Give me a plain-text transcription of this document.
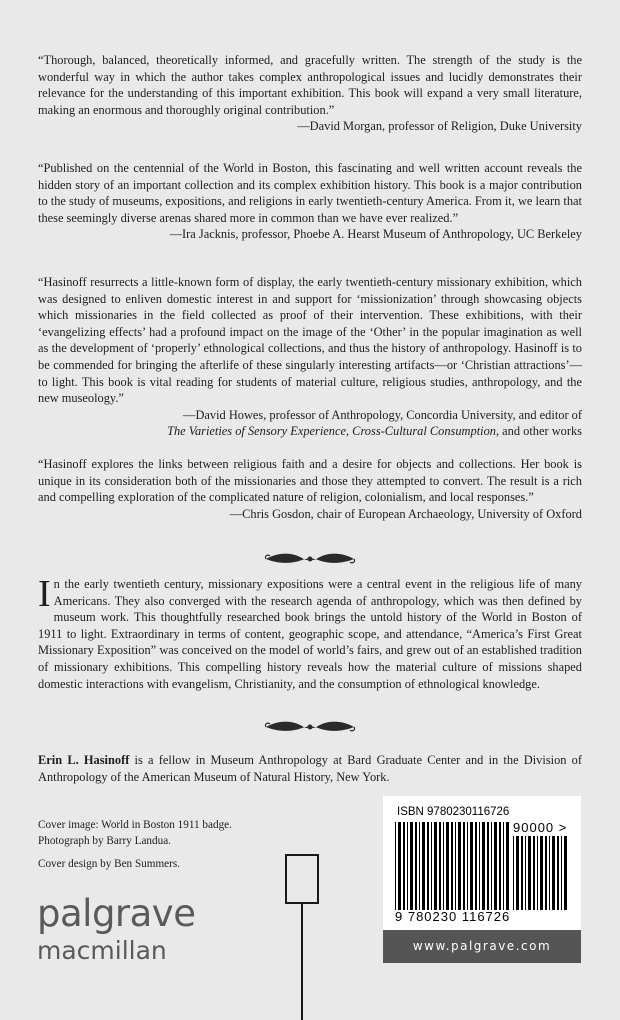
“Thorough, balanced, theoretically informed, and gracefully written. The strength of the study is the wonderful way in which the author takes complex anthropological issues and lucidly demonstrates their relevance for the understanding of this important exhibition. This book will expand a very small literature, making an enormous and thoroughly original contribution.”

—David Morgan, professor of Religion, Duke University

“Published on the centennial of the World in Boston, this fascinating and well written account reveals the hidden story of an important collection and its complex exhibition history. This book is a major contribution to the study of museums, expositions, and religions in early twentieth-century America. From it, we learn that these seemingly diverse arenas shared more in common than we have ever realized.”

—Ira Jacknis, professor, Phoebe A. Hearst Museum of Anthropology, UC Berkeley

“Hasinoff resurrects a little-known form of display, the early twentieth-century missionary exhibition, which was designed to enliven domestic interest in and support for ‘missionization’ through showcasing objects which missionaries in the field collected as proof of their intervention. These exhibitions, with their ‘evangelizing effects’ had a profound impact on the image of the ‘Other’ in the popular imagination as well as the development of ‘properly’ ethnological collections, and thus the history of anthropology. Hasinoff is to be commended for bringing the afterlife of these singularly interesting artifacts—or ‘Christian attractions’—to light. This book is vital reading for students of material culture, religious studies, anthropology, and the new museology.”

—David Howes, professor of Anthropology, Concordia University, and editor of
The Varieties of Sensory Experience, Cross-Cultural Consumption, and other works

“Hasinoff explores the links between religious faith and a desire for objects and collections. Her book is unique in its consideration both of the missionaries and those they attempted to convert. The result is a rich and compelling exploration of the complicated nature of religion, colonialism, and local responses.”

—Chris Gosdon, chair of European Archaeology, University of Oxford
In the early twentieth century, missionary expositions were a central event in the religious life of many Americans. They also converged with the research agenda of anthropology, which was then defined by museum work. This thoughtfully researched book brings the untold history of the World in Boston of 1911 to light. Extraordinary in terms of content, geographic scope, and attendance, “America’s First Great Missionary Exposition” was conceived on the model of world’s fairs, and grew out of an established tradition of missionary exhibitions. This compelling history reveals how the material culture of missions shaped domestic interactions with evangelism, Christianity, and the consumption of ethnological knowledge.
Erin L. Hasinoff is a fellow in Museum Anthropology at Bard Graduate Center and in the Division of Anthropology of the American Museum of Natural History, New York.

Cover image: World in Boston 1911 badge.
Photograph by Barry Landua.

Cover design by Ben Summers.

palgrave
macmillan
ISBN 9780230116726
90000 >
9 780230 116726
www.palgrave.com
